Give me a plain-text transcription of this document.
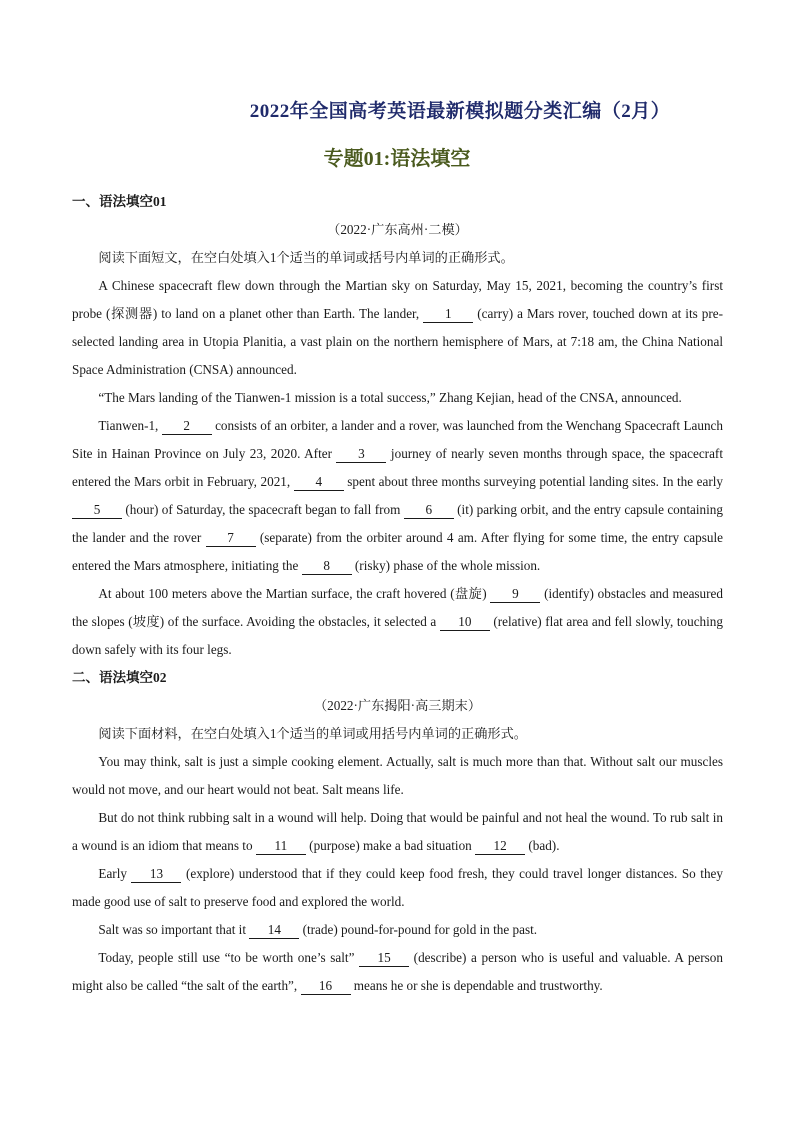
2022年全国高考英语最新模拟题分类汇编（2月）
专题01:语法填空

一、语法填空01

（2022·广东高州·二模）

阅读下面短文，在空白处填入1个适当的单词或括号内单词的正确形式。

A Chinese spacecraft flew down through the Martian sky on Saturday, May 15, 2021, becoming the country’s first probe (探测器) to land on a planet other than Earth. The lander, 1 (carry) a Mars rover, touched down at its pre-selected landing area in Utopia Planitia, a vast plain on the northern hemisphere of Mars, at 7:18 am, the China National Space Administration (CNSA) announced.

“The Mars landing of the Tianwen-1 mission is a total success,” Zhang Kejian, head of the CNSA, announced.

Tianwen-1, 2 consists of an orbiter, a lander and a rover, was launched from the Wenchang Spacecraft Launch Site in Hainan Province on July 23, 2020. After 3 journey of nearly seven months through space, the spacecraft entered the Mars orbit in February, 2021, 4 spent about three months surveying potential landing sites. In the early 5 (hour) of Saturday, the spacecraft began to fall from 6 (it) parking orbit, and the entry capsule containing the lander and the rover 7 (separate) from the orbiter around 4 am. After flying for some time, the entry capsule entered the Mars atmosphere, initiating the 8 (risky) phase of the whole mission.

At about 100 meters above the Martian surface, the craft hovered (盘旋) 9 (identify) obstacles and measured the slopes (坡度) of the surface. Avoiding the obstacles, it selected a 10 (relative) flat area and fell slowly, touching down safely with its four legs.

二、语法填空02

（2022·广东揭阳·高三期末）

阅读下面材料，在空白处填入1个适当的单词或用括号内单词的正确形式。

You may think, salt is just a simple cooking element. Actually, salt is much more than that. Without salt our muscles would not move, and our heart would not beat. Salt means life.

But do not think rubbing salt in a wound will help. Doing that would be painful and not heal the wound. To rub salt in a wound is an idiom that means to 11 (purpose) make a bad situation 12 (bad).

Early 13 (explore) understood that if they could keep food fresh, they could travel longer distances. So they made good use of salt to preserve food and explored the world.

Salt was so important that it 14 (trade) pound-for-pound for gold in the past.

Today, people still use “to be worth one’s salt” 15 (describe) a person who is useful and valuable. A person might also be called “the salt of the earth”, 16 means he or she is dependable and trustworthy.
